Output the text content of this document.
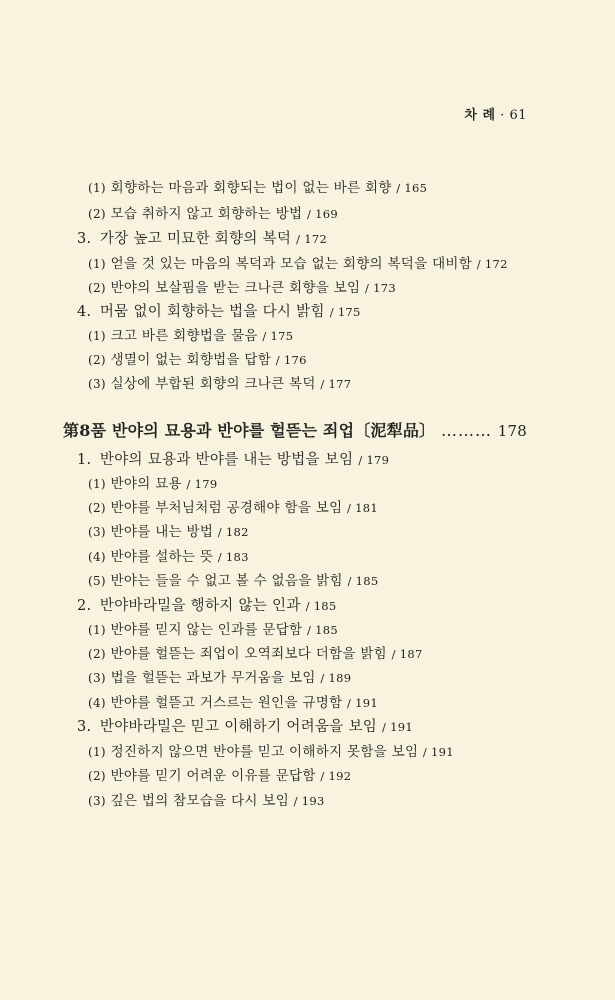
차 례 · 61
(1) 회향하는 마음과 회향되는 법이 없는 바른 회향 / 165
(2) 모습 취하지 않고 회향하는 방법 / 169
3. 가장 높고 미묘한 회향의 복덕 / 172
(1) 얻을 것 있는 마음의 복덕과 모습 없는 회향의 복덕을 대비함 / 172
(2) 반야의 보살핌을 받는 크나큰 회향을 보임 / 173
4. 머뭄 없이 회향하는 법을 다시 밝힘 / 175
(1) 크고 바른 회향법을 물음 / 175
(2) 생멸이 없는 회향법을 답함 / 176
(3) 실상에 부합된 회향의 크나큰 복덕 / 177
第8품 반야의 묘용과 반야를 헐뜯는 죄업〔泥犁品〕 ……… 178
1. 반야의 묘용과 반야를 내는 방법을 보임 / 179
(1) 반야의 묘용 / 179
(2) 반야를 부처님처럼 공경해야 함을 보임 / 181
(3) 반야를 내는 방법 / 182
(4) 반야를 설하는 뜻 / 183
(5) 반야는 들을 수 없고 볼 수 없음을 밝힘 / 185
2. 반야바라밀을 행하지 않는 인과 / 185
(1) 반야를 믿지 않는 인과를 문답함 / 185
(2) 반야를 헐뜯는 죄업이 오역죄보다 더함을 밝힘 / 187
(3) 법을 헐뜯는 과보가 무거움을 보임 / 189
(4) 반야를 헐뜯고 거스르는 원인을 규명함 / 191
3. 반야바라밀은 믿고 이해하기 어려움을 보임 / 191
(1) 정진하지 않으면 반야를 믿고 이해하지 못함을 보임 / 191
(2) 반야를 믿기 어려운 이유를 문답함 / 192
(3) 깊은 법의 참모습을 다시 보임 / 193
